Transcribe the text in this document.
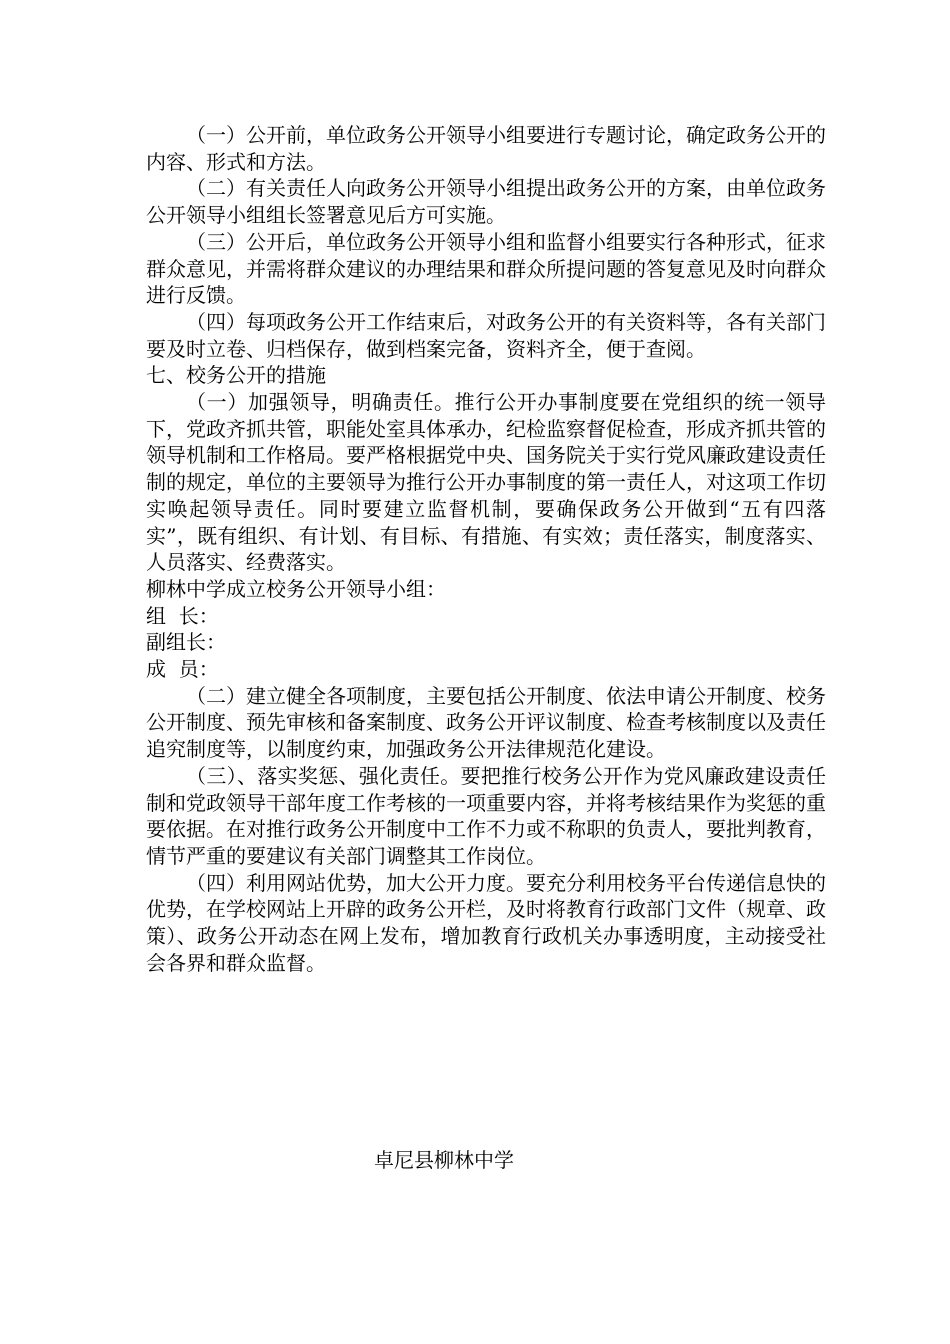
（一）公开前，单位政务公开领导小组要进行专题讨论，确定政务公开的内容、形式和方法。

（二）有关责任人向政务公开领导小组提出政务公开的方案，由单位政务公开领导小组组长签署意见后方可实施。

（三）公开后，单位政务公开领导小组和监督小组要实行各种形式，征求群众意见，并需将群众建议的办理结果和群众所提问题的答复意见及时向群众进行反馈。

（四）每项政务公开工作结束后，对政务公开的有关资料等，各有关部门要及时立卷、归档保存，做到档案完备，资料齐全，便于查阅。

七、校务公开的措施

（一）加强领导，明确责任。推行公开办事制度要在党组织的统一领导下，党政齐抓共管，职能处室具体承办，纪检监察督促检查，形成齐抓共管的领导机制和工作格局。要严格根据党中央、国务院关于实行党风廉政建设责任制的规定，单位的主要领导为推行公开办事制度的第一责任人，对这项工作切实唤起领导责任。同时要建立监督机制，要确保政务公开做到“五有四落实”，既有组织、有计划、有目标、有措施、有实效；责任落实，制度落实、人员落实、经费落实。

柳林中学成立校务公开领导小组：

组  长：

副组长：

成  员：

（二）建立健全各项制度，主要包括公开制度、依法申请公开制度、校务公开制度、预先审核和备案制度、政务公开评议制度、检查考核制度以及责任追究制度等，以制度约束，加强政务公开法律规范化建设。

（三）、落实奖惩、强化责任。要把推行校务公开作为党风廉政建设责任制和党政领导干部年度工作考核的一项重要内容，并将考核结果作为奖惩的重要依据。在对推行政务公开制度中工作不力或不称职的负责人，要批判教育，情节严重的要建议有关部门调整其工作岗位。

（四）利用网站优势，加大公开力度。要充分利用校务平台传递信息快的优势，在学校网站上开辟的政务公开栏，及时将教育行政部门文件（规章、政策）、政务公开动态在网上发布，增加教育行政机关办事透明度，主动接受社会各界和群众监督。

卓尼县柳林中学
